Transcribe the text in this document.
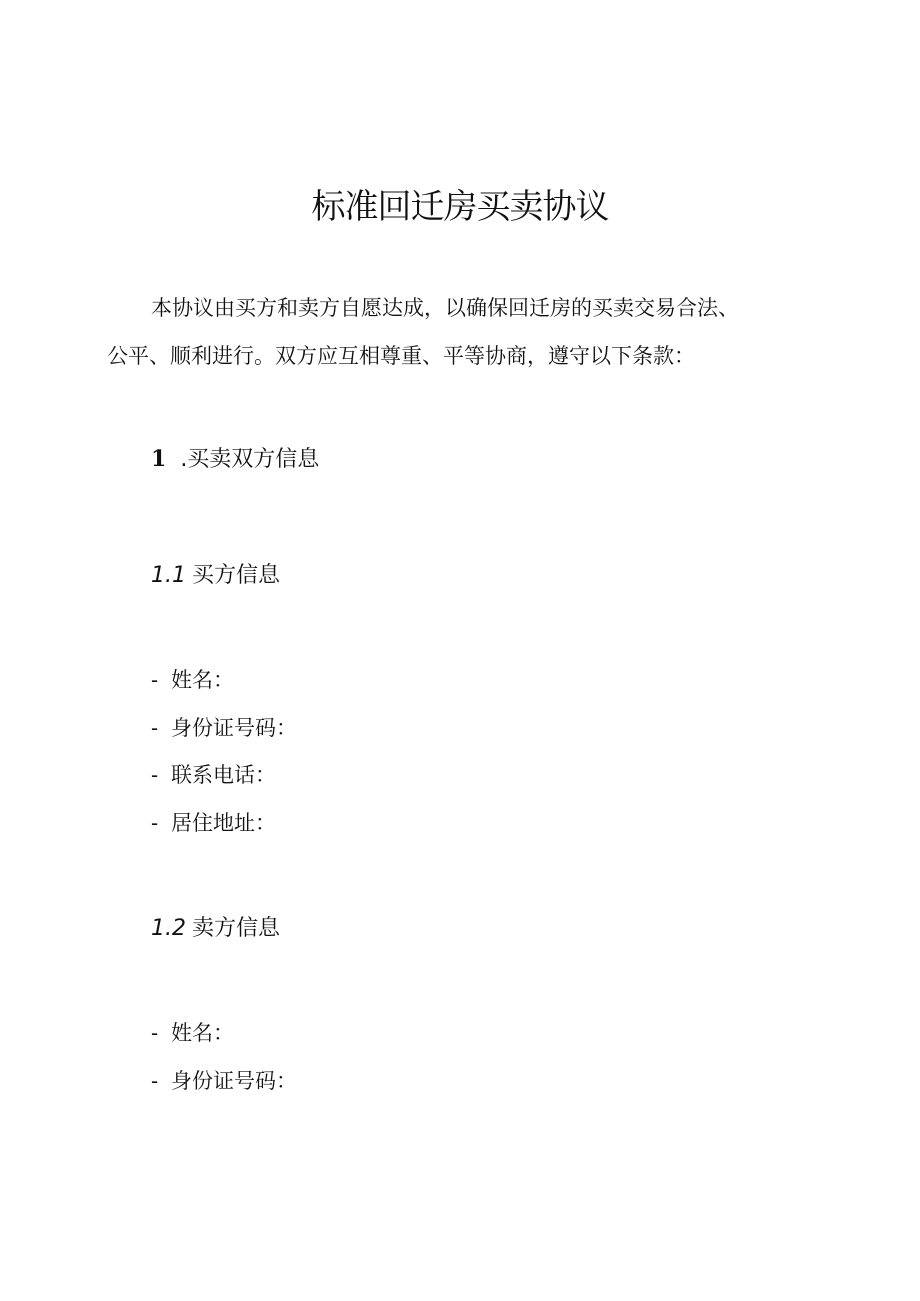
标准回迁房买卖协议
本协议由买方和卖方自愿达成，以确保回迁房的买卖交易合法、
公平、顺利进行。双方应互相尊重、平等协商，遵守以下条款：
1 .买卖双方信息
1.1 买方信息
- 姓名：
- 身份证号码：
- 联系电话：
- 居住地址：
1.2 卖方信息
- 姓名：
- 身份证号码：
